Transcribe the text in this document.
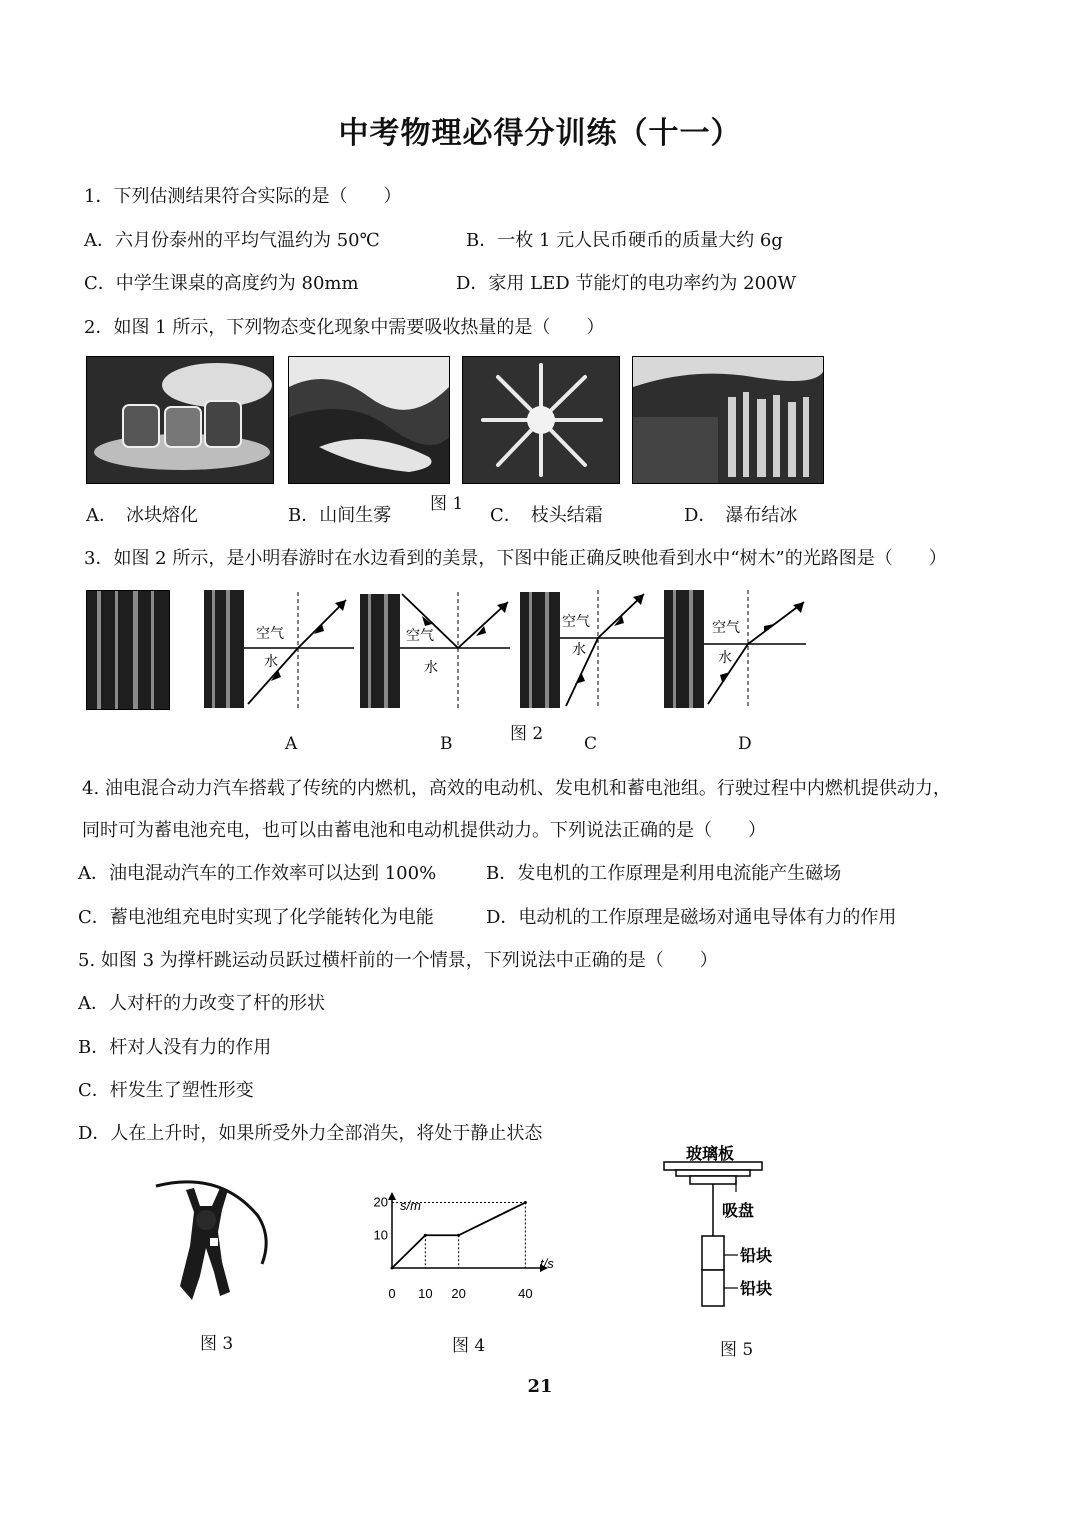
中考物理必得分训练（十一）
1．下列估测结果符合实际的是（　　）
A．六月份泰州的平均气温约为 50℃	B．一枚 1 元人民币硬币的质量大约 6g
C．中学生课桌的高度约为 80mm	D．家用 LED 节能灯的电功率约为 200W
2．如图 1 所示，下列物态变化现象中需要吸收热量的是（　　）
图 1
A．　冰块熔化	B．山间生雾	C．　枝头结霜	D．　瀑布结冰
3．如图 2 所示，是小明春游时在水边看到的美景，下图中能正确反映他看到水中“树木”的光路图是（　　）
空气
水
空气
水
空气
水
空气
水
图 2
A	B	C	D
4. 油电混合动力汽车搭载了传统的内燃机，高效的电动机、发电机和蓄电池组。行驶过程中内燃机提供动力，
同时可为蓄电池充电，也可以由蓄电池和电动机提供动力。下列说法正确的是（　　）
A．油电混动汽车的工作效率可以达到 100%	B．发电机的工作原理是利用电流能产生磁场
C．蓄电池组充电时实现了化学能转化为电能	D．电动机的工作原理是磁场对通电导体有力的作用
5. 如图 3 为撑杆跳运动员跃过横杆前的一个情景，下列说法中正确的是（　　）
A．人对杆的力改变了杆的形状
B．杆对人没有力的作用
C．杆发生了塑性形变
D．人在上升时，如果所受外力全部消失，将处于静止状态
图 3
s/m
t/s
20
10
0 10 20	40
图 4
玻璃板
吸盘
铅块
铅块
图 5
21
